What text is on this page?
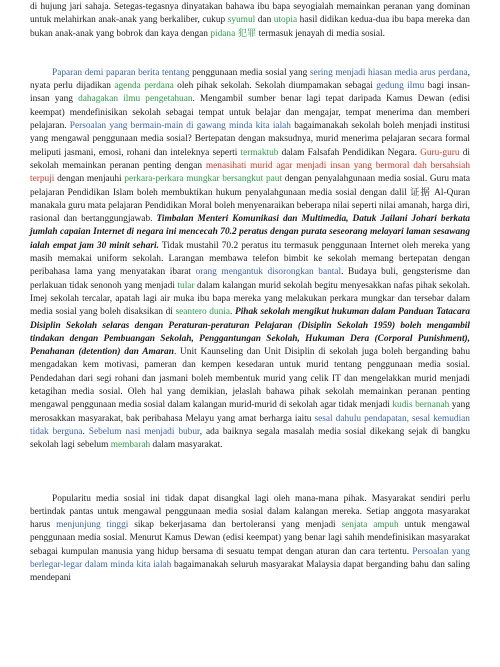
di hujung jari sahaja. Setegas-tegasnya dinyatakan bahawa ibu bapa seyogialah memainkan peranan yang dominan untuk melahirkan anak-anak yang berkaliber, cukup syumul dan utopia hasil didikan kedua-dua ibu bapa mereka dan bukan anak-anak yang bobrok dan kaya dengan pidana 犯罪 termasuk jenayah di media sosial.

Paparan demi paparan berita tentang penggunaan media sosial yang sering menjadi hiasan media arus perdana, nyata perlu dijadikan agenda perdana oleh pihak sekolah. Sekolah diumpamakan sebagai gedung ilmu bagi insan-insan yang dahagakan ilmu pengetahuan. Mengambil sumber benar lagi tepat daripada Kamus Dewan (edisi keempat) mendefinisikan sekolah sebagai tempat untuk belajar dan mengajar, tempat menerima dan memberi pelajaran. Persoalan yang bermain-main di gawang minda kita ialah bagaimanakah sekolah boleh menjadi institusi yang mengawal penggunaan media sosial? Bertepatan dengan maksudnya, murid menerima pelajaran secara formal meliputi jasmani, emosi, rohani dan inteleknya seperti termaktub dalam Falsafah Pendidikan Negara. Guru-guru di sekolah memainkan peranan penting dengan menasihati murid agar menjadi insan yang bermoral dah bersahsiah terpuji dengan menjauhi perkara-perkara mungkar bersangkut paut dengan penyalahgunaan media sosial. Guru mata pelajaran Pendidikan Islam boleh membuktikan hukum penyalahgunaan media sosial dengan dalil 证据 Al-Quran manakala guru mata pelajaran Pendidikan Moral boleh menyenaraikan beberapa nilai seperti nilai amanah, harga diri, rasional dan bertanggungjawab. Timbalan Menteri Komunikasi dan Multimedia, Datuk Jailani Johari berkata jumlah capaian Internet di negara ini mencecah 70.2 peratus dengan purata seseorang melayari laman sesawang ialah empat jam 30 minit sehari. Tidak mustahil 70.2 peratus itu termasuk penggunaan Internet oleh mereka yang masih memakai uniform sekolah. Larangan membawa telefon bimbit ke sekolah memang bertepatan dengan peribahasa lama yang menyatakan ibarat orang mengantuk disorongkan bantal. Budaya buli, gengsterisme dan perlakuan tidak senonoh yang menjadi tular dalam kalangan murid sekolah begitu menyesakkan nafas pihak sekolah. Imej sekolah tercalar, apatah lagi air muka ibu bapa mereka yang melakukan perkara mungkar dan tersebar dalam media sosial yang boleh disaksikan di seantero dunia. Pihak sekolah mengikut hukuman dalam Panduan Tatacara Disiplin Sekolah selaras dengan Peraturan-peraturan Pelajaran (Disiplin Sekolah 1959) boleh mengambil tindakan dengan Pembuangan Sekolah, Penggantungan Sekolah, Hukuman Dera (Corporal Punishment), Penahanan (detention) dan Amaran. Unit Kaunseling dan Unit Disiplin di sekolah juga boleh berganding bahu mengadakan kem motivasi, pameran dan kempen kesedaran untuk murid tentang penggunaan media sosial. Pendedahan dari segi rohani dan jasmani boleh membentuk murid yang celik IT dan mengelakkan murid menjadi ketagihan media sosial. Oleh hal yang demikian, jelaslah bahawa pihak sekolah memainkan peranan penting mengawal penggunaan media sosial dalam kalangan murid-murid di sekolah agar tidak menjadi kudis bernanah yang merosakkan masyarakat, bak peribahasa Melayu yang amat berharga iaitu sesal dahulu pendapatan, sesal kemudian tidak berguna. Sebelum nasi menjadi bubur, ada baiknya segala masalah media sosial dikekang sejak di bangku sekolah lagi sebelum membarah dalam masyarakat.

Popularitu media sosial ini tidak dapat disangkal lagi oleh mana-mana pihak. Masyarakat sendiri perlu bertindak pantas untuk mengawal penggunaan media sosial dalam kalangan mereka. Setiap anggota masyarakat harus menjunjung tinggi sikap bekerjasama dan bertoleransi yang menjadi senjata ampuh untuk mengawal penggunaan media sosial. Menurut Kamus Dewan (edisi keempat) yang benar lagi sahih mendefinisikan masyarakat sebagai kumpulan manusia yang hidup bersama di sesuatu tempat dengan aturan dan cara tertentu. Persoalan yang berlegar-legar dalam minda kita ialah bagaimanakah seluruh masyarakat Malaysia dapat berganding bahu dan saling mendepani
